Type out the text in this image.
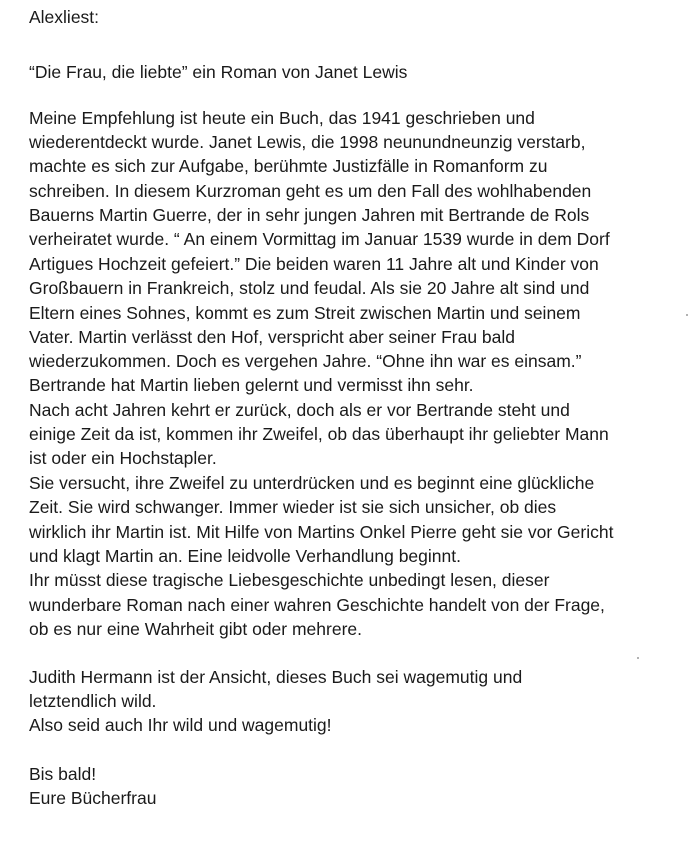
Alexliest:
“Die Frau, die liebte” ein Roman von Janet Lewis
Meine Empfehlung ist heute ein Buch, das 1941 geschrieben und
wiederentdeckt wurde. Janet Lewis, die 1998 neunundneunzig verstarb,
machte es sich zur Aufgabe, berühmte Justizfälle in Romanform zu
schreiben. In diesem Kurzroman geht es um den Fall des wohlhabenden
Bauerns Martin Guerre, der in sehr jungen Jahren mit Bertrande de Rols
verheiratet wurde. “ An einem Vormittag im Januar 1539 wurde in dem Dorf
Artigues Hochzeit gefeiert.” Die beiden waren 11 Jahre alt und Kinder von
Großbauern in Frankreich, stolz und feudal. Als sie 20 Jahre alt sind und
Eltern eines Sohnes, kommt es zum Streit zwischen Martin und seinem
Vater. Martin verlässt den Hof, verspricht aber seiner Frau bald
wiederzukommen. Doch es vergehen Jahre. “Ohne ihn war es einsam.”
Bertrande hat Martin lieben gelernt und vermisst ihn sehr.
Nach acht Jahren kehrt er zurück, doch als er vor Bertrande steht und
einige Zeit da ist, kommen ihr Zweifel, ob das überhaupt ihr geliebter Mann
ist oder ein Hochstapler.
Sie versucht, ihre Zweifel zu unterdrücken und es beginnt eine glückliche
Zeit. Sie wird schwanger. Immer wieder ist sie sich unsicher, ob dies
wirklich ihr Martin ist. Mit Hilfe von Martins Onkel Pierre geht sie vor Gericht
und klagt Martin an. Eine leidvolle Verhandlung beginnt.
Ihr müsst diese tragische Liebesgeschichte unbedingt lesen, dieser
wunderbare Roman nach einer wahren Geschichte handelt von der Frage,
ob es nur eine Wahrheit gibt oder mehrere.
Judith Hermann ist der Ansicht, dieses Buch sei wagemutig und
letztendlich wild.
Also seid auch Ihr wild und wagemutig!
Bis bald!
Eure Bücherfrau
